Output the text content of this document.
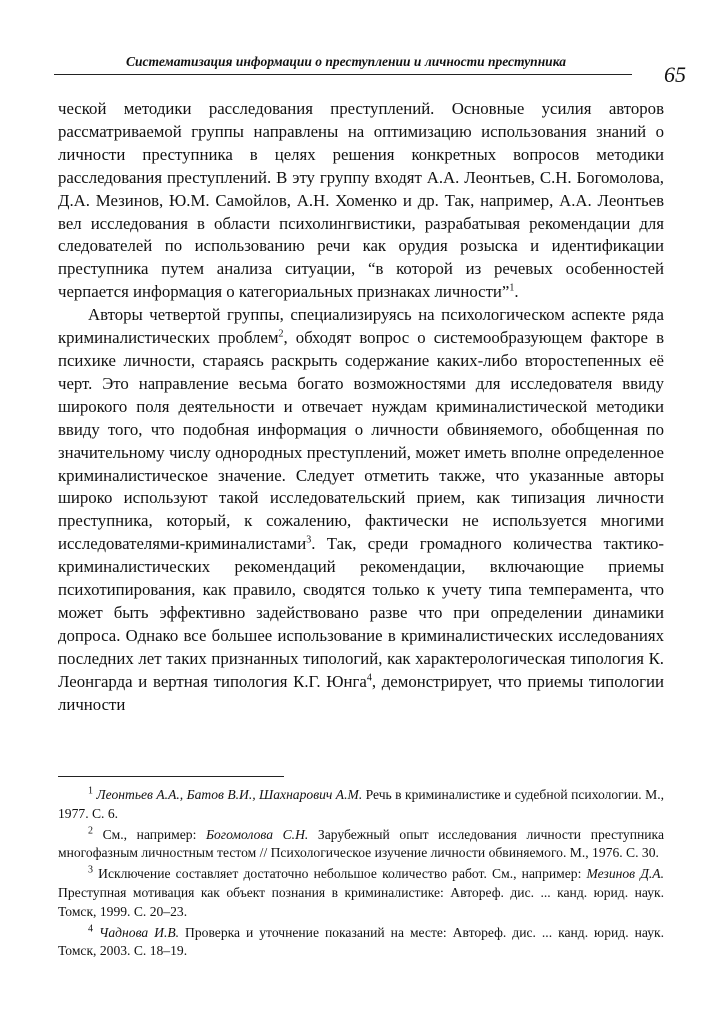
Систематизация информации о преступлении и личности преступника
65

ческой методики расследования преступлений. Основные усилия авторов рассматриваемой группы направлены на оптимизацию использования знаний о личности преступника в целях решения конкретных вопросов методики расследования преступлений. В эту группу входят А.А. Леонтьев, С.Н. Богомолова, Д.А. Мезинов, Ю.М. Самойлов, А.Н. Хоменко и др. Так, например, А.А. Леонтьев вел исследования в области психолингвистики, разрабатывая рекомендации для следователей по использованию речи как орудия розыска и идентификации преступника путем анализа ситуации, “в которой из речевых особенностей черпается информация о категориальных признаках личности”$^1$.

Авторы четвертой группы, специализируясь на психологическом аспекте ряда криминалистических проблем$^2$, обходят вопрос о системообразующем факторе в психике личности, стараясь раскрыть содержание каких-либо второстепенных её черт. Это направление весьма богато возможностями для исследователя ввиду широкого поля деятельности и отвечает нуждам криминалистической методики ввиду того, что подобная информация о личности обвиняемого, обобщенная по значительному числу однородных преступлений, может иметь вполне определенное криминалистическое значение. Следует отметить также, что указанные авторы широко используют такой исследовательский прием, как типизация личности преступника, который, к сожалению, фактически не используется многими исследователями-криминалистами$^3$. Так, среди громадного количества тактико-криминалистических рекомендаций рекомендации, включающие приемы психотипирования, как правило, сводятся только к учету типа темперамента, что может быть эффективно задействовано разве что при определении динамики допроса. Однако все большее использование в криминалистических исследованиях последних лет таких признанных типологий, как характерологическая типология К. Леонгарда и вертная типология К.Г. Юнга$^4$, демонстрирует, что приемы типологии личности

$^1$ Леонтьев А.А., Батов В.И., Шахнарович А.М. Речь в криминалистике и судебной психологии. М., 1977. С. 6.

$^2$ См., например: Богомолова С.Н. Зарубежный опыт исследования личности преступника многофазным личностным тестом // Психологическое изучение личности обвиняемого. М., 1976. С. 30.

$^3$ Исключение составляет достаточно небольшое количество работ. См., например: Мезинов Д.А. Преступная мотивация как объект познания в криминалистике: Автореф. дис. ... канд. юрид. наук. Томск, 1999. С. 20–23.

$^4$ Чаднова И.В. Проверка и уточнение показаний на месте: Автореф. дис. ... канд. юрид. наук. Томск, 2003. С. 18–19.
